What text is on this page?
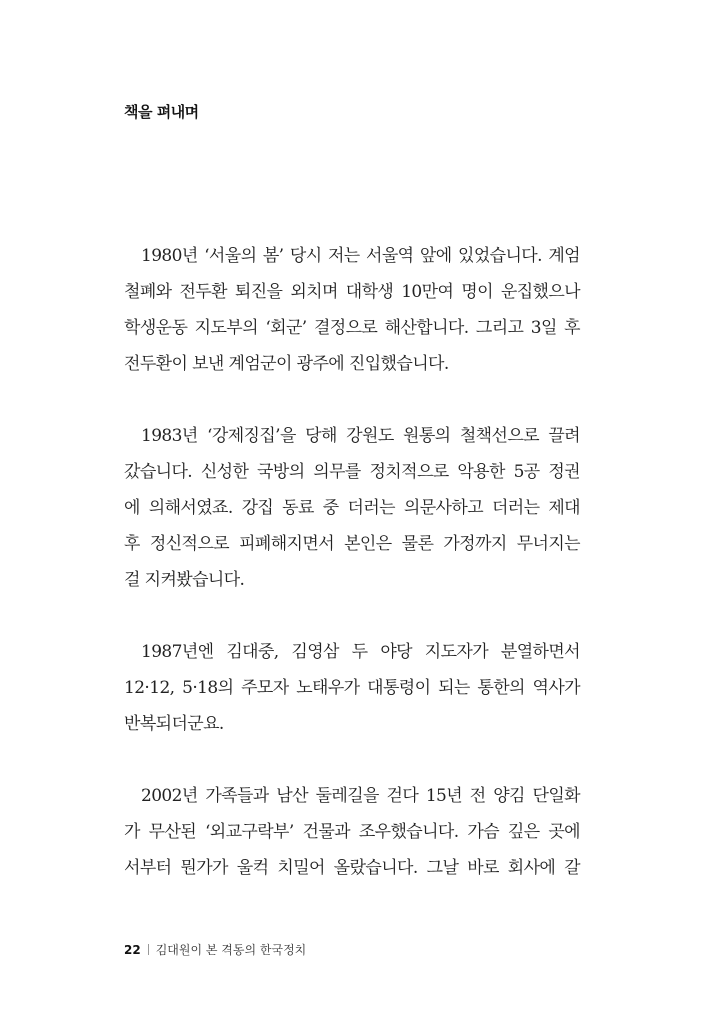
책을 펴내며

1980년 ‘서울의 봄’ 당시 저는 서울역 앞에 있었습니다. 계엄
철폐와 전두환 퇴진을 외치며 대학생 10만여 명이 운집했으나
학생운동 지도부의 ‘회군’ 결정으로 해산합니다. 그리고 3일 후
전두환이 보낸 계엄군이 광주에 진입했습니다.

1983년 ‘강제징집’을 당해 강원도 원통의 철책선으로 끌려
갔습니다. 신성한 국방의 의무를 정치적으로 악용한 5공 정권
에 의해서였죠. 강집 동료 중 더러는 의문사하고 더러는 제대
후 정신적으로 피폐해지면서 본인은 물론 가정까지 무너지는
걸 지켜봤습니다.

1987년엔 김대중, 김영삼 두 야당 지도자가 분열하면서
12·12, 5·18의 주모자 노태우가 대통령이 되는 통한의 역사가
반복되더군요.

2002년 가족들과 남산 둘레길을 걷다 15년 전 양김 단일화
가 무산된 ‘외교구락부’ 건물과 조우했습니다. 가슴 깊은 곳에
서부터 뭔가가 울컥 치밀어 올랐습니다. 그날 바로 회사에 갈

22 김대원이 본 격동의 한국정치
